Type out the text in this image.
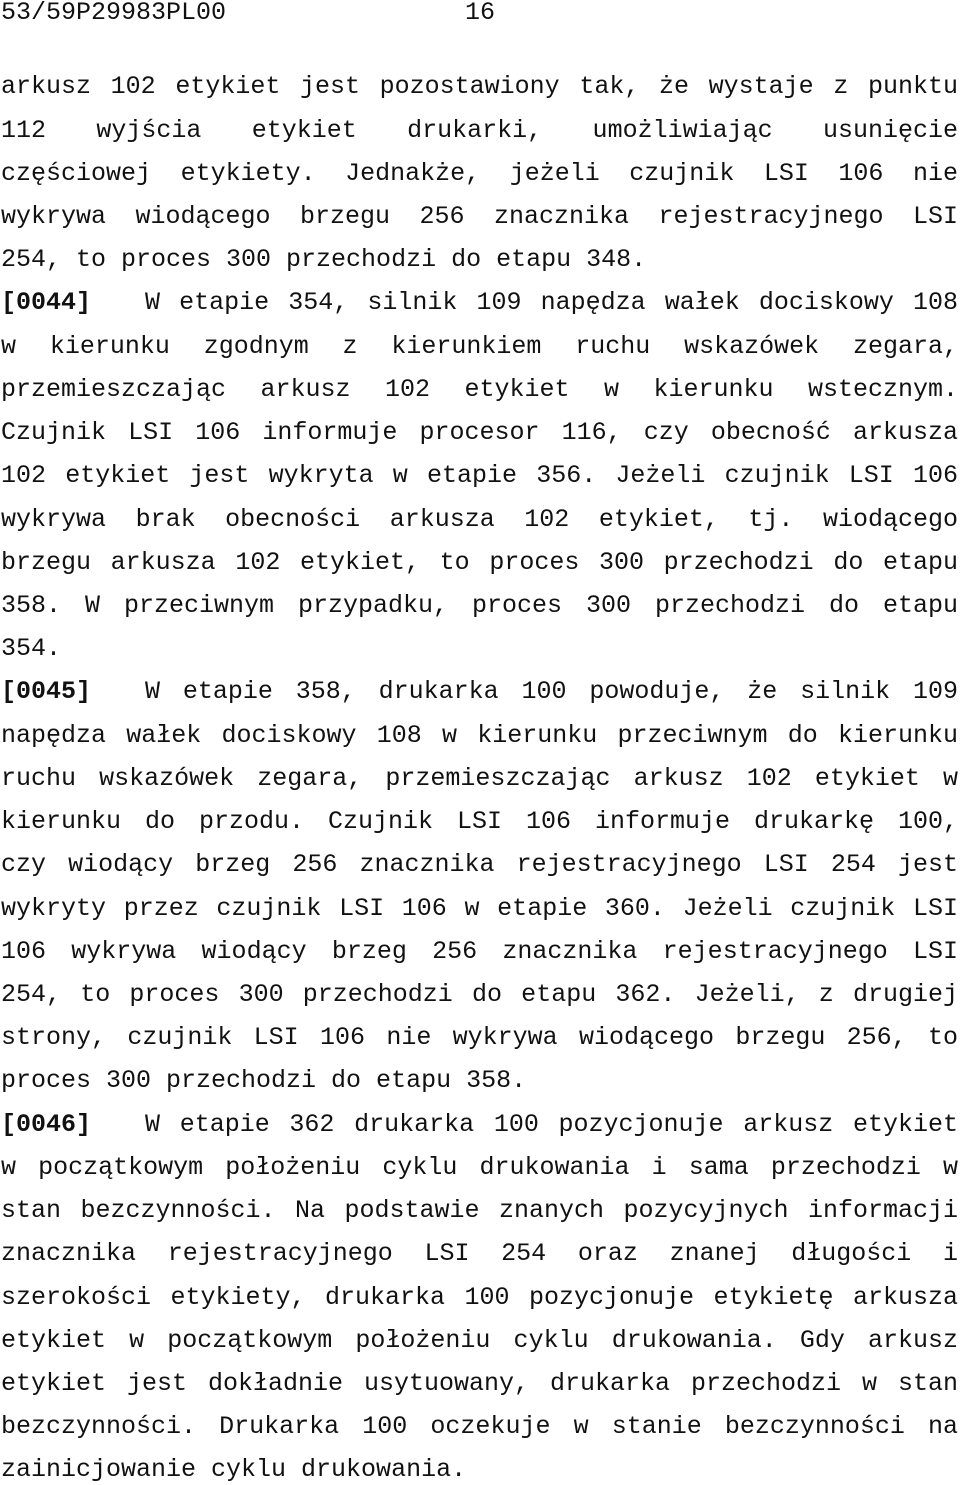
53/59P29983PL00	16
arkusz 102 etykiet jest pozostawiony tak, że wystaje z punktu
112 wyjścia etykiet drukarki, umożliwiając usunięcie
częściowej etykiety. Jednakże, jeżeli czujnik LSI 106 nie
wykrywa wiodącego brzegu 256 znacznika rejestracyjnego LSI
254, to proces 300 przechodzi do etapu 348.
[0044] W etapie 354, silnik 109 napędza wałek dociskowy 108
w kierunku zgodnym z kierunkiem ruchu wskazówek zegara,
przemieszczając arkusz 102 etykiet w kierunku wstecznym.
Czujnik LSI 106 informuje procesor 116, czy obecność arkusza
102 etykiet jest wykryta w etapie 356. Jeżeli czujnik LSI 106
wykrywa brak obecności arkusza 102 etykiet, tj. wiodącego
brzegu arkusza 102 etykiet, to proces 300 przechodzi do etapu
358. W przeciwnym przypadku, proces 300 przechodzi do etapu
354.
[0045] W etapie 358, drukarka 100 powoduje, że silnik 109
napędza wałek dociskowy 108 w kierunku przeciwnym do kierunku
ruchu wskazówek zegara, przemieszczając arkusz 102 etykiet w
kierunku do przodu. Czujnik LSI 106 informuje drukarkę 100,
czy wiodący brzeg 256 znacznika rejestracyjnego LSI 254 jest
wykryty przez czujnik LSI 106 w etapie 360. Jeżeli czujnik LSI
106 wykrywa wiodący brzeg 256 znacznika rejestracyjnego LSI
254, to proces 300 przechodzi do etapu 362. Jeżeli, z drugiej
strony, czujnik LSI 106 nie wykrywa wiodącego brzegu 256, to
proces 300 przechodzi do etapu 358.
[0046] W etapie 362 drukarka 100 pozycjonuje arkusz etykiet
w początkowym położeniu cyklu drukowania i sama przechodzi w
stan bezczynności. Na podstawie znanych pozycyjnych informacji
znacznika rejestracyjnego LSI 254 oraz znanej długości i
szerokości etykiety, drukarka 100 pozycjonuje etykietę arkusza
etykiet w początkowym położeniu cyklu drukowania. Gdy arkusz
etykiet jest dokładnie usytuowany, drukarka przechodzi w stan
bezczynności. Drukarka 100 oczekuje w stanie bezczynności na
zainicjowanie cyklu drukowania.
